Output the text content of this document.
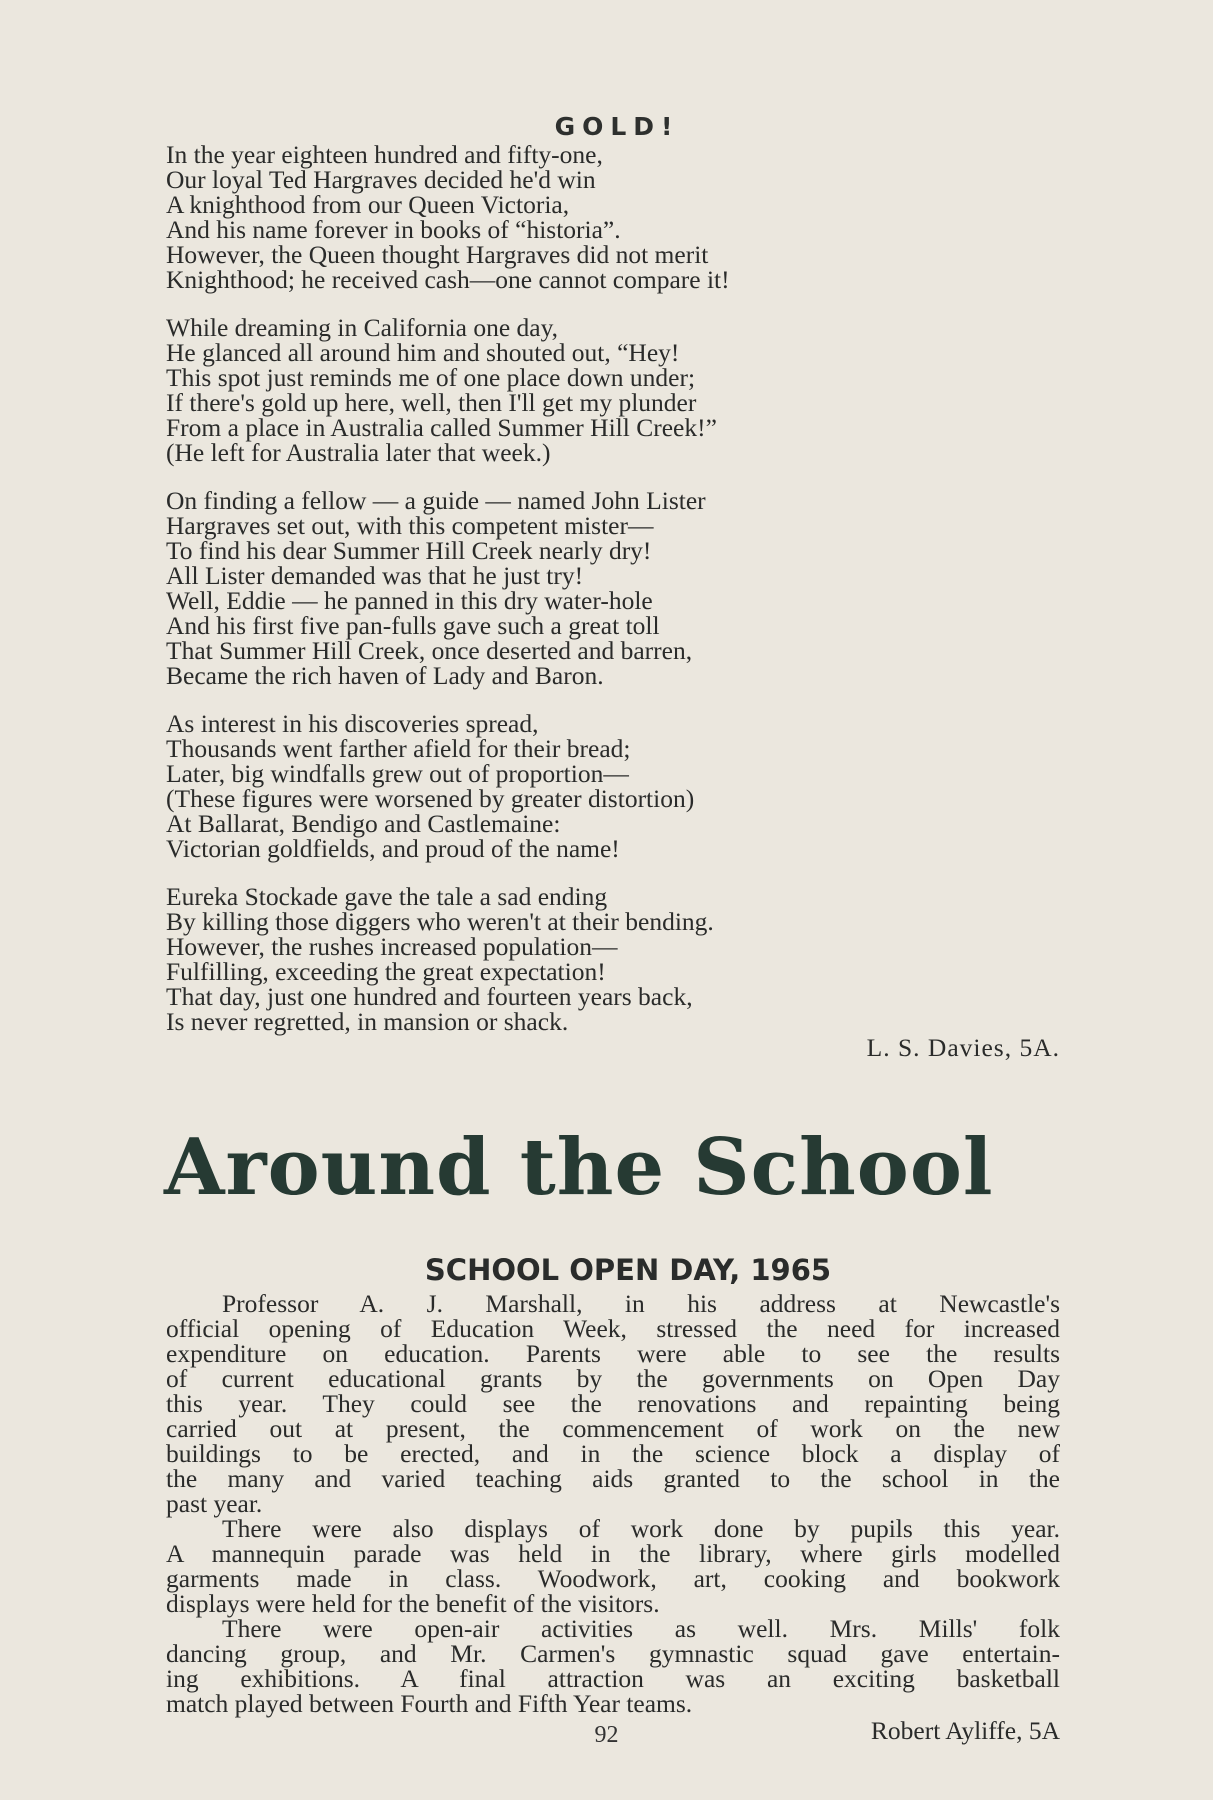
GOLD!
In the year eighteen hundred and fifty-one,
Our loyal Ted Hargraves decided he'd win
A knighthood from our Queen Victoria,
And his name forever in books of “historia”.
However, the Queen thought Hargraves did not merit
Knighthood; he received cash—one cannot compare it!
While dreaming in California one day,
He glanced all around him and shouted out, “Hey!
This spot just reminds me of one place down under;
If there's gold up here, well, then I'll get my plunder
From a place in Australia called Summer Hill Creek!”
(He left for Australia later that week.)
On finding a fellow — a guide — named John Lister
Hargraves set out, with this competent mister—
To find his dear Summer Hill Creek nearly dry!
All Lister demanded was that he just try!
Well, Eddie — he panned in this dry water-hole
And his first five pan-fulls gave such a great toll
That Summer Hill Creek, once deserted and barren,
Became the rich haven of Lady and Baron.
As interest in his discoveries spread,
Thousands went farther afield for their bread;
Later, big windfalls grew out of proportion—
(These figures were worsened by greater distortion)
At Ballarat, Bendigo and Castlemaine:
Victorian goldfields, and proud of the name!
Eureka Stockade gave the tale a sad ending
By killing those diggers who weren't at their bending.
However, the rushes increased population—
Fulfilling, exceeding the great expectation!
That day, just one hundred and fourteen years back,
Is never regretted, in mansion or shack.
L. S. Davies, 5A.
Around the School
SCHOOL OPEN DAY, 1965
Professor A. J. Marshall, in his address at Newcastle's
official opening of Education Week, stressed the need for increased
expenditure on education. Parents were able to see the results
of current educational grants by the governments on Open Day
this year. They could see the renovations and repainting being
carried out at present, the commencement of work on the new
buildings to be erected, and in the science block a display of
the many and varied teaching aids granted to the school in the
past year.
There were also displays of work done by pupils this year.
A mannequin parade was held in the library, where girls modelled
garments made in class. Woodwork, art, cooking and bookwork
displays were held for the benefit of the visitors.
There were open-air activities as well. Mrs. Mills' folk
dancing group, and Mr. Carmen's gymnastic squad gave entertain-
ing exhibitions. A final attraction was an exciting basketball
match played between Fourth and Fifth Year teams.
Robert Ayliffe, 5A
92
